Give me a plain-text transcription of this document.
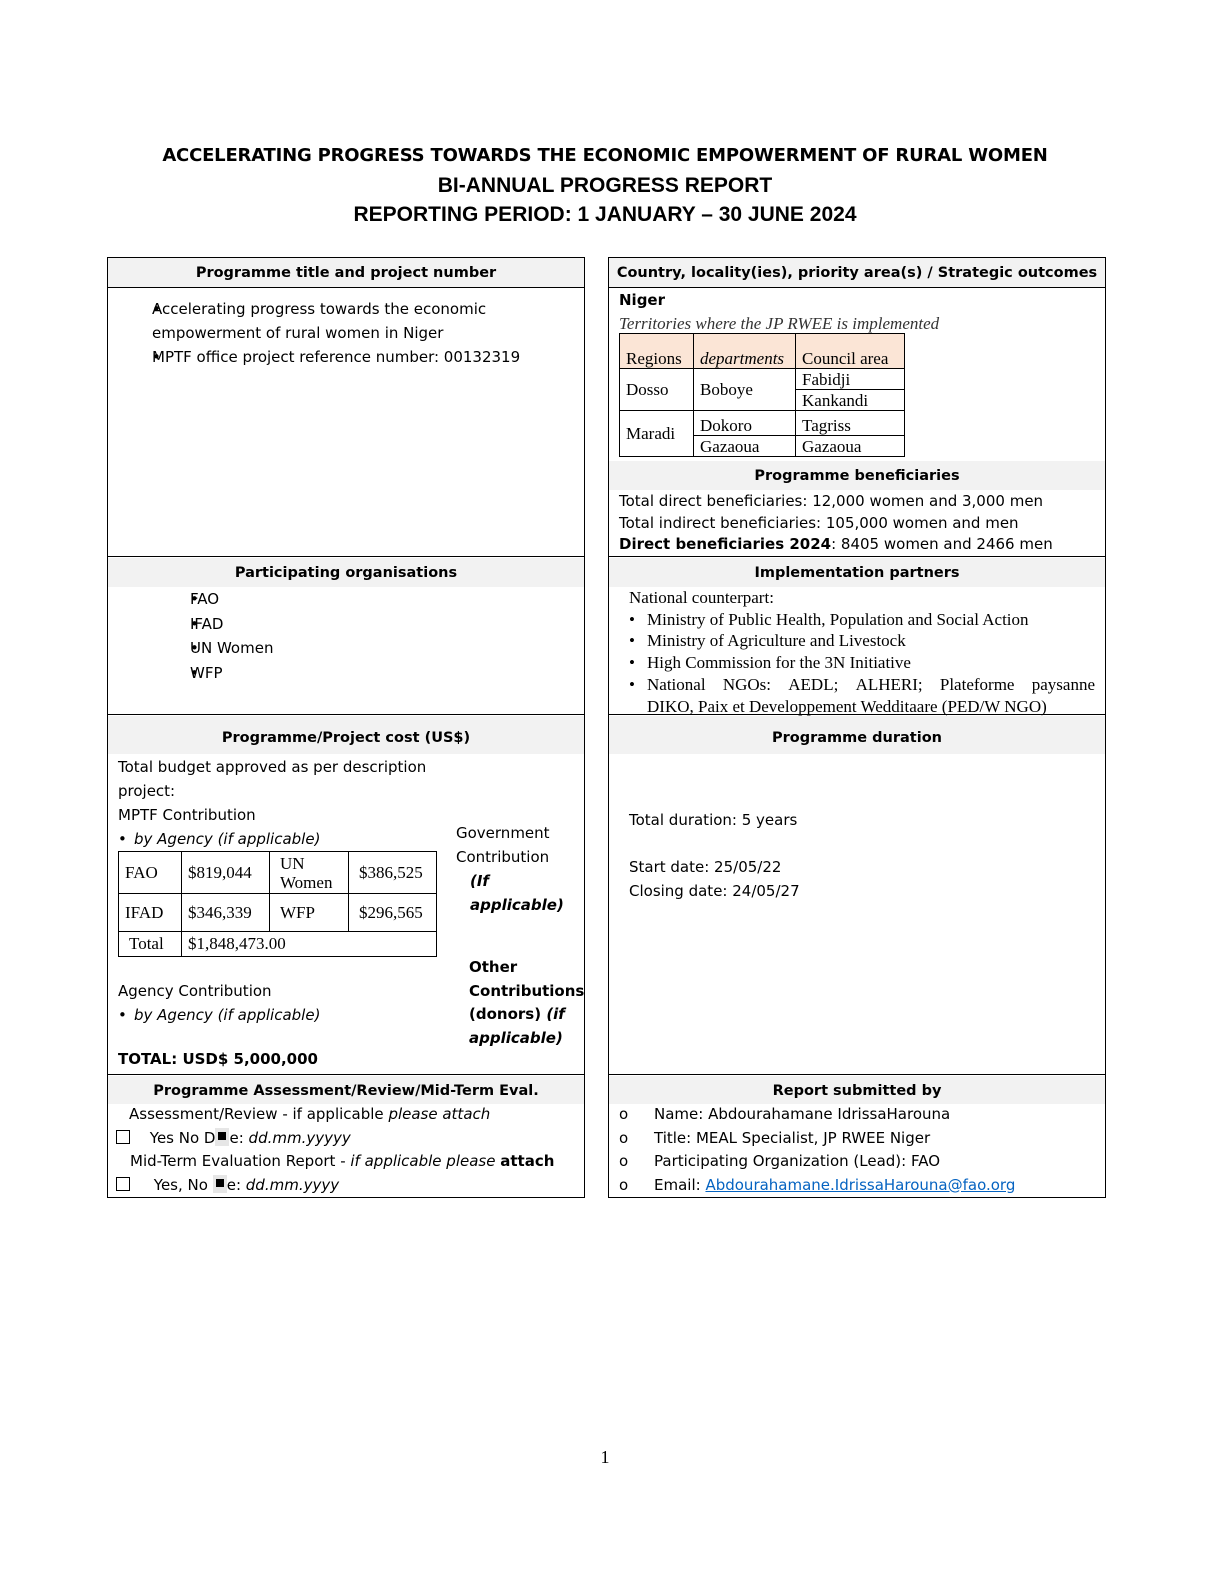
ACCELERATING PROGRESS TOWARDS THE ECONOMIC EMPOWERMENT OF RURAL WOMEN
BI-ANNUAL PROGRESS REPORT
REPORTING PERIOD: 1 JANUARY – 30 JUNE 2024
Programme title and project number
• Accelerating progress towards the economic
empowerment of rural women in Niger
• MPTF office project reference number: 00132319
Participating organisations
• FAO
• IFAD
• UN Women
• WFP
Programme/Project cost (US$)
Total budget approved as per description
project:
MPTF Contribution
• by Agency (if applicable)
FAO	$819,044	UN Women	$386,525
IFAD	$346,339	WFP	$296,565
Total	$1,848,473.00		
Government
Contribution
(If applicable)
Other
Contributions
(donors) (if
applicable)
Agency Contribution
• by Agency (if applicable)
TOTAL: USD$ 5,000,000
Programme Assessment/Review/Mid-Term Eval.
Assessment/Review - if applicable please attach
Yes No D e: dd.mm.yyyyy
Mid-Term Evaluation Report - if applicable please attach
Yes, No e: dd.mm.yyyy
Country, locality(ies), priority area(s) / Strategic outcomes
Niger
Territories where the JP RWEE is implemented
Regions	departments	Council area
Dosso	Boboye	Fabidji
		Kankandi
Maradi	Dokoro	Tagriss
	Gazaoua	Gazaoua
Programme beneficiaries
Total direct beneficiaries: 12,000 women and 3,000 men
Total indirect beneficiaries: 105,000 women and men
Direct beneficiaries 2024: 8405 women and 2466 men
Implementation partners
National counterpart:
• Ministry of Public Health, Population and Social Action
• Ministry of Agriculture and Livestock
• High Commission for the 3N Initiative
• National NGOs: AEDL; ALHERI; Plateforme paysanne
DIKO, Paix et Developpement Wedditaare (PED/W NGO)
Programme duration
Total duration: 5 years
Start date: 25/05/22
Closing date: 24/05/27
Report submitted by
o Name: Abdourahamane IdrissaHarouna
o Title: MEAL Specialist, JP RWEE Niger
o Participating Organization (Lead): FAO
o Email: Abdourahamane.IdrissaHarouna@fao.org
1
